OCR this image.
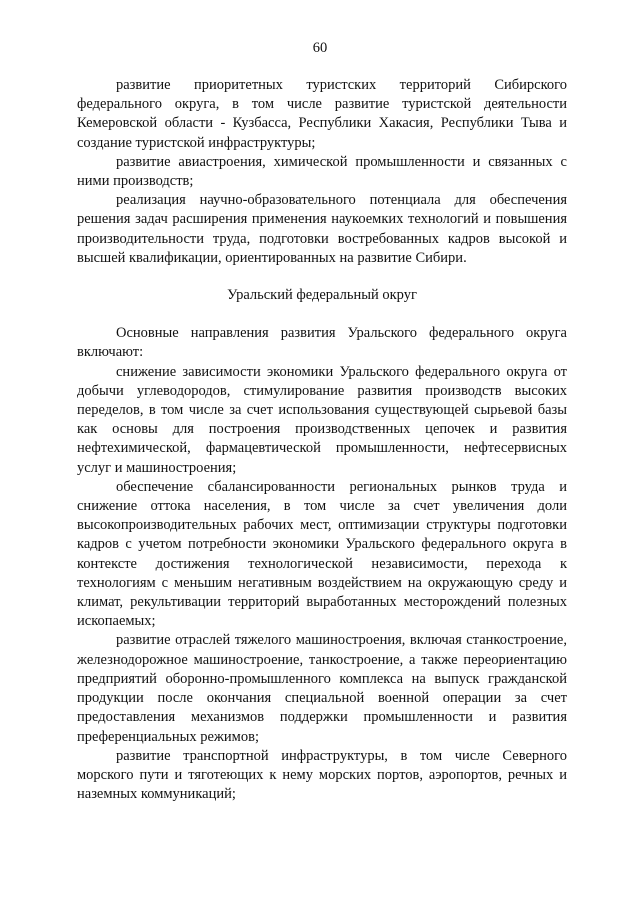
60

развитие приоритетных туристских территорий Сибирского федерального округа, в том числе развитие туристской деятельности Кемеровской области - Кузбасса, Республики Хакасия, Республики Тыва и создание туристской инфраструктуры;

развитие авиастроения, химической промышленности и связанных с ними производств;

реализация научно-образовательного потенциала для обеспечения решения задач расширения применения наукоемких технологий и повышения производительности труда, подготовки востребованных кадров высокой и высшей квалификации, ориентированных на развитие Сибири.

Уральский федеральный округ

Основные направления развития Уральского федерального округа включают:

снижение зависимости экономики Уральского федерального округа от добычи углеводородов, стимулирование развития производств высоких переделов, в том числе за счет использования существующей сырьевой базы как основы для построения производственных цепочек и развития нефтехимической, фармацевтической промышленности, нефтесервисных услуг и машиностроения;

обеспечение сбалансированности региональных рынков труда и снижение оттока населения, в том числе за счет увеличения доли высокопроизводительных рабочих мест, оптимизации структуры подготовки кадров с учетом потребности экономики Уральского федерального округа в контексте достижения технологической независимости, перехода к технологиям с меньшим негативным воздействием на окружающую среду и климат, рекультивации территорий выработанных месторождений полезных ископаемых;

развитие отраслей тяжелого машиностроения, включая станкостроение, железнодорожное машиностроение, танкостроение, а также переориентацию предприятий оборонно-промышленного комплекса на выпуск гражданской продукции после окончания специальной военной операции за счет предоставления механизмов поддержки промышленности и развития преференциальных режимов;

развитие транспортной инфраструктуры, в том числе Северного морского пути и тяготеющих к нему морских портов, аэропортов, речных и наземных коммуникаций;
